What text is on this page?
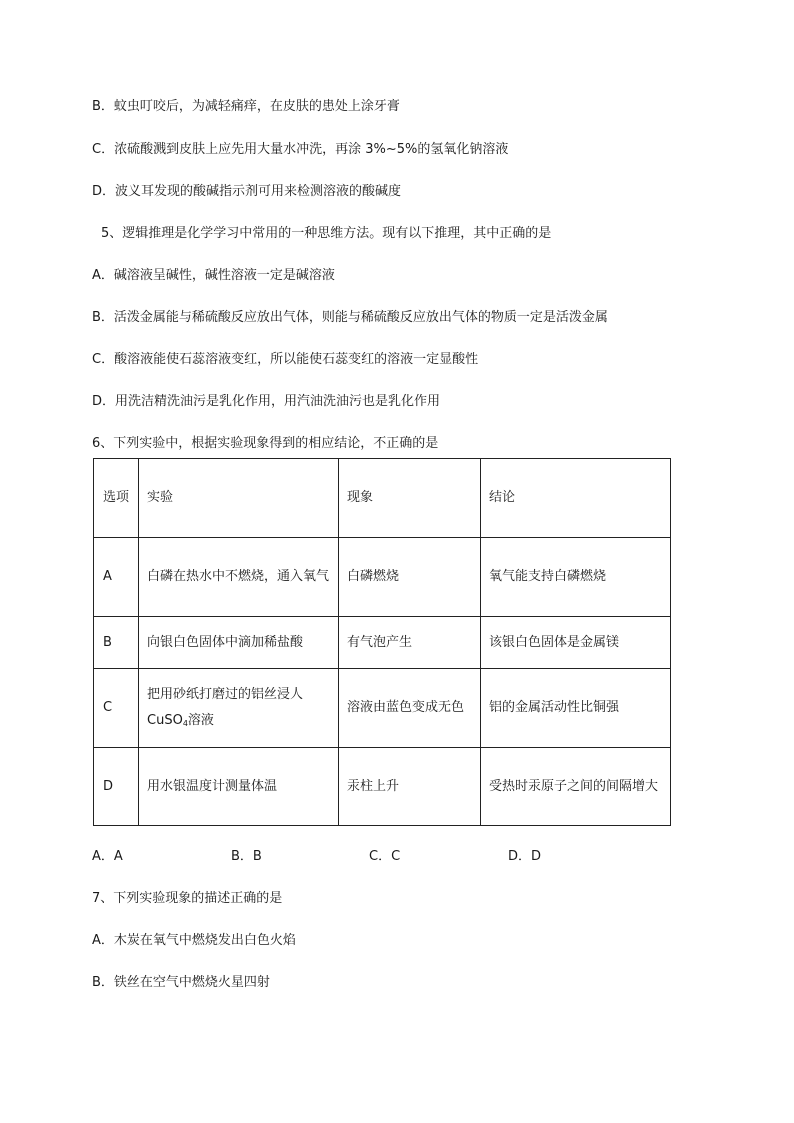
B．蚊虫叮咬后，为减轻痛痒，在皮肤的患处上涂牙膏
C．浓硫酸溅到皮肤上应先用大量水冲洗，再涂 3%~5%的氢氧化钠溶液
D．波义耳发现的酸碱指示剂可用来检测溶液的酸碱度
5、逻辑推理是化学学习中常用的一种思维方法。现有以下推理，其中正确的是
A．碱溶液呈碱性，碱性溶液一定是碱溶液
B．活泼金属能与稀硫酸反应放出气体，则能与稀硫酸反应放出气体的物质一定是活泼金属
C．酸溶液能使石蕊溶液变红，所以能使石蕊变红的溶液一定显酸性
D．用洗洁精洗油污是乳化作用，用汽油洗油污也是乳化作用
6、下列实验中，根据实验现象得到的相应结论，不正确的是
选项	实验	现象	结论
A	白磷在热水中不燃烧，通入氧气	白磷燃烧	氧气能支持白磷燃烧
B	向银白色固体中滴加稀盐酸	有气泡产生	该银白色固体是金属镁
C	把用砂纸打磨过的铝丝浸人
CuSO$_4$溶液	溶液由蓝色变成无色	铝的金属活动性比铜强
D	用水银温度计测量体温	汞柱上升	受热时汞原子之间的间隔增大
A．A	B．B	C．C	D．D
7、下列实验现象的描述正确的是
A．木炭在氧气中燃烧发出白色火焰
B．铁丝在空气中燃烧火星四射
